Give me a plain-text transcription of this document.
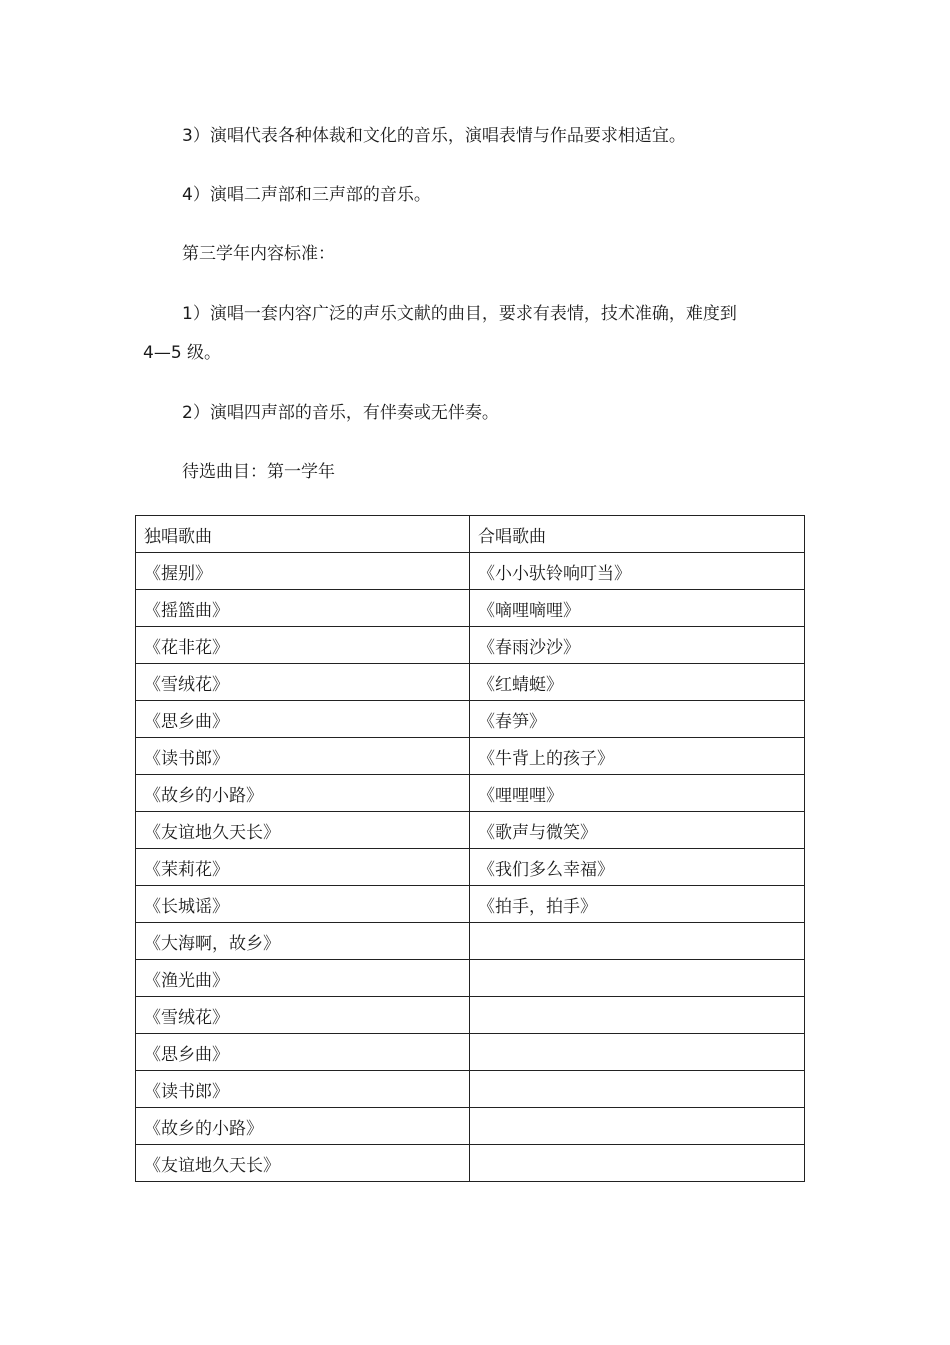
3）演唱代表各种体裁和文化的音乐，演唱表情与作品要求相适宜。

4）演唱二声部和三声部的音乐。

第三学年内容标准：

1）演唱一套内容广泛的声乐文献的曲目，要求有表情，技术准确，难度到
4—5 级。

2）演唱四声部的音乐，有伴奏或无伴奏。

待选曲目：第一学年

独唱歌曲	合唱歌曲
《握别》	《小小驮铃响叮当》
《摇篮曲》	《嘀哩嘀哩》
《花非花》	《春雨沙沙》
《雪绒花》	《红蜻蜓》
《思乡曲》	《春笋》
《读书郎》	《牛背上的孩子》
《故乡的小路》	《哩哩哩》
《友谊地久天长》	《歌声与微笑》
《茉莉花》	《我们多么幸福》
《长城谣》	《拍手，拍手》
《大海啊，故乡》	
《渔光曲》	
《雪绒花》	
《思乡曲》	
《读书郎》	
《故乡的小路》	
《友谊地久天长》	
